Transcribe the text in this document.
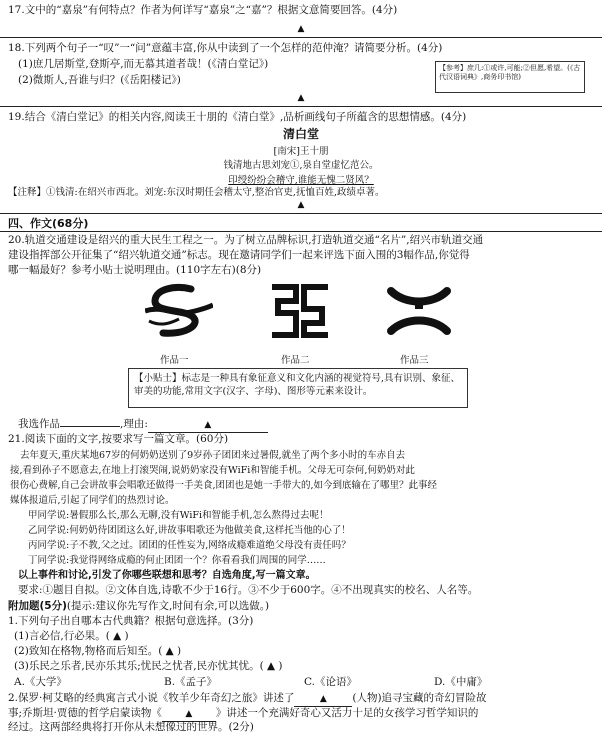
17.文中的“嘉泉”有何特点？作者为何详写“嘉泉”之“嘉”？根据文意简要回答。(4分)
▲
18.下列两个句子一“叹”一“问”意蕴丰富,你从中读到了一个怎样的范仲淹？请简要分析。(4分)
(1)庶几居斯堂,登斯亭,而无慕其道者哉！(《清白堂记》)
(2)微斯人,吾谁与归？(《岳阳楼记》)
【参考】庶几:①或许,可能;②但愿,希望。(《古代汉语词典》,商务印书馆)
▲
19.结合《清白堂记》的相关内容,阅读王十朋的《清白堂》,品析画线句子所蕴含的思想情感。(4分)
清白堂
[南宋]王十朋
钱清地古思刘宠①,泉自堂虚忆范公。
印绶纷纷会稽守,谁能无愧二贤风？
【注释】①钱清:在绍兴市西北。刘宠:东汉时期任会稽太守,整治官吏,抚恤百姓,政绩卓著。
▲
四、作文(68分)
20.轨道交通建设是绍兴的重大民生工程之一。为了树立品牌标识,打造轨道交通“名片”,绍兴市轨道交通
建设指挥部公开征集了“绍兴轨道交通”标志。现在邀请同学们一起来评选下面入围的3幅作品,你觉得
哪一幅最好？参考小贴士说明理由。(110字左右)(8分)
作品一	作品二	作品三
【小贴士】标志是一种具有象征意义和文化内涵的视觉符号,具有识别、象征、审美的功能,常用文字(汉字、字母)、图形等元素来设计。
我选作品	,理由:	▲
21.阅读下面的文字,按要求写一篇文章。(60分)
去年夏天,重庆某地67岁的何奶奶送别了9岁孙子团团来过暑假,就坐了两个多小时的车赤自去
接,看到孙子不愿意去,在地上打滚哭闹,说奶奶家没有WiFi和智能手机。父母无可奈何,何奶奶对此
很伤心费解,自己会讲故事会唱歌还做得一手美食,团团也是她一手带大的,如今到底输在了哪里？此事经
媒体报道后,引起了同学们的热烈讨论。
甲同学说:暑假那么长,那么无聊,没有WiFi和智能手机,怎么熬得过去呢！
乙同学说:何奶奶待团团这么好,讲故事唱歌还为他做美食,这样托当他的心了！
丙同学说:子不教,父之过。团团的任性妄为,网络成瘾难道绝父母没有责任吗？
丁同学说:我觉得网络成瘾的何止团团一个？你看看我们周围的同学……
以上事件和讨论,引发了你哪些联想和思考？自选角度,写一篇文章。
要求:①题目自拟。②文体自选,诗歌不少于16行。③不少于600字。④不出现真实的校名、人名等。
附加题(5分)(提示:建议你先写作文,时间有余,可以选做。)
1.下列句子出自哪本古代典籍？根据句意选择。(3分)
(1)言必信,行必果。( ▲ )
(2)致知在格物,物格而后知至。( ▲ )
(3)乐民之乐者,民亦乐其乐;忧民之忧者,民亦忧其忧。( ▲ )
A.《大学》	B.《孟子》	C.《论语》	D.《中庸》
2.保罗·柯艾略的经典寓言式小说《牧羊少年奇幻之旅》讲述了	▲ (人物)追寻宝藏的奇幻冒险故
事;乔斯坦·贾德的哲学启蒙读物《	▲ 》讲述一个充满好奇心又活力十足的女孩学习哲学知识的
经过。这两部经典将打开你从未想像过的世界。(2分)
